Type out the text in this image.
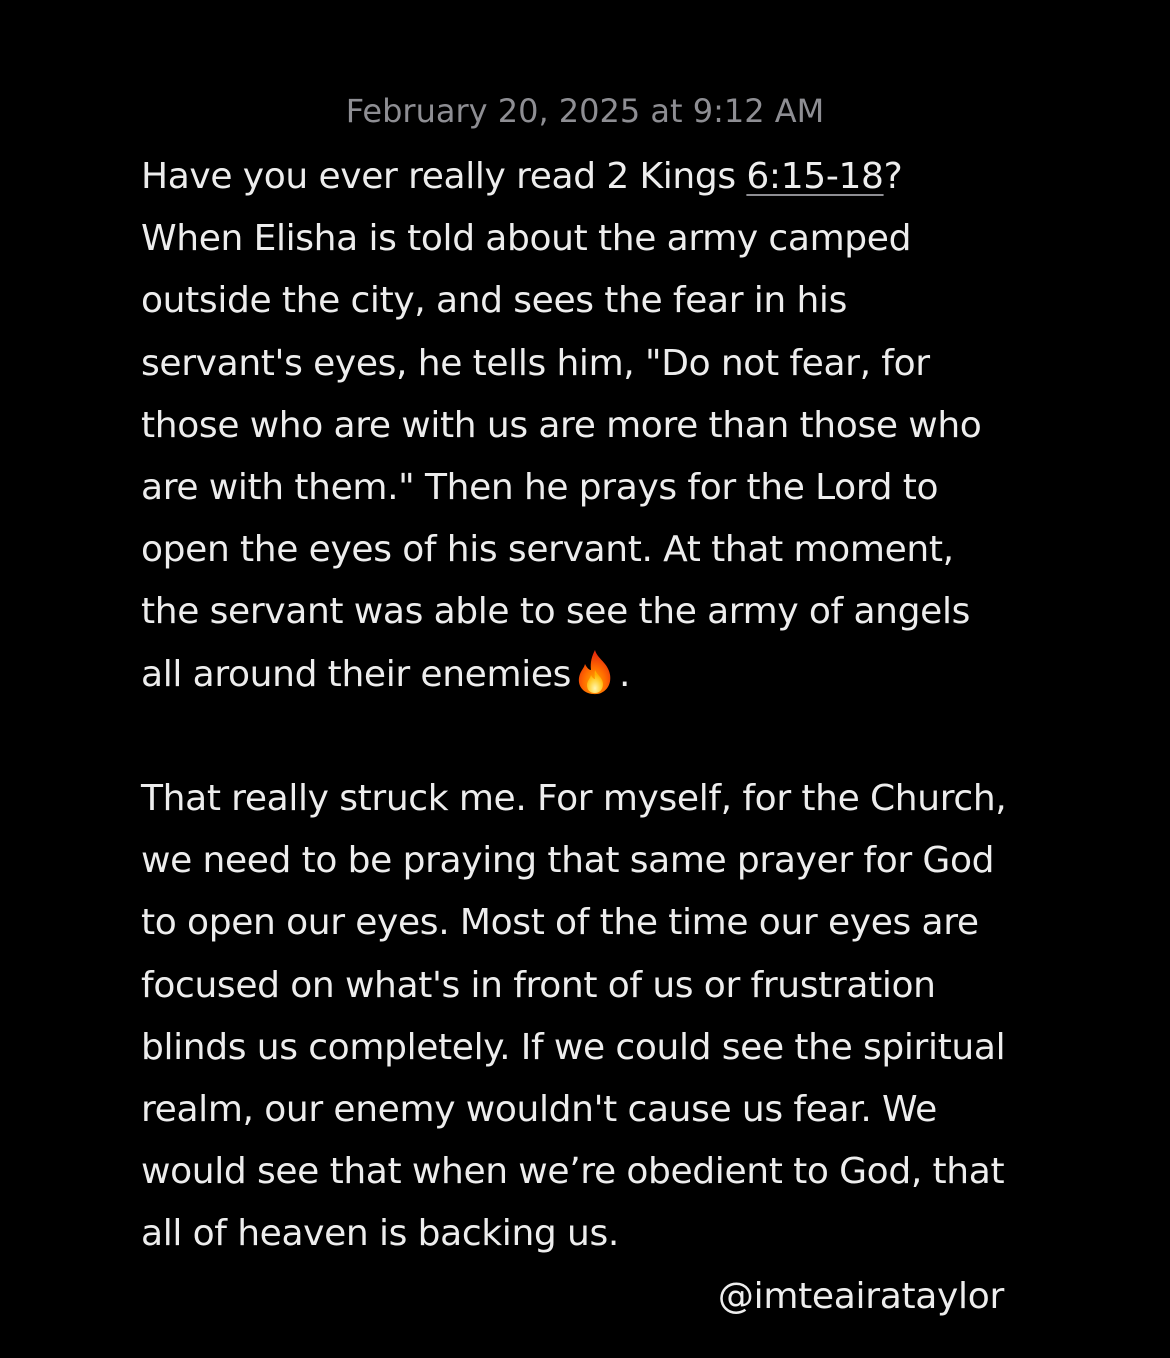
February 20, 2025 at 9:12 AM
Have you ever really read 2 Kings 6:15-18?
When Elisha is told about the army camped
outside the city, and sees the fear in his
servant's eyes, he tells him, "Do not fear, for
those who are with us are more than those who
are with them." Then he prays for the Lord to
open the eyes of his servant. At that moment,
the servant was able to see the army of angels
all around their enemies .
That really struck me. For myself, for the Church,
we need to be praying that same prayer for God
to open our eyes. Most of the time our eyes are
focused on what's in front of us or frustration
blinds us completely. If we could see the spiritual
realm, our enemy wouldn't cause us fear. We
would see that when we’re obedient to God, that
all of heaven is backing us.
@imteairataylor
